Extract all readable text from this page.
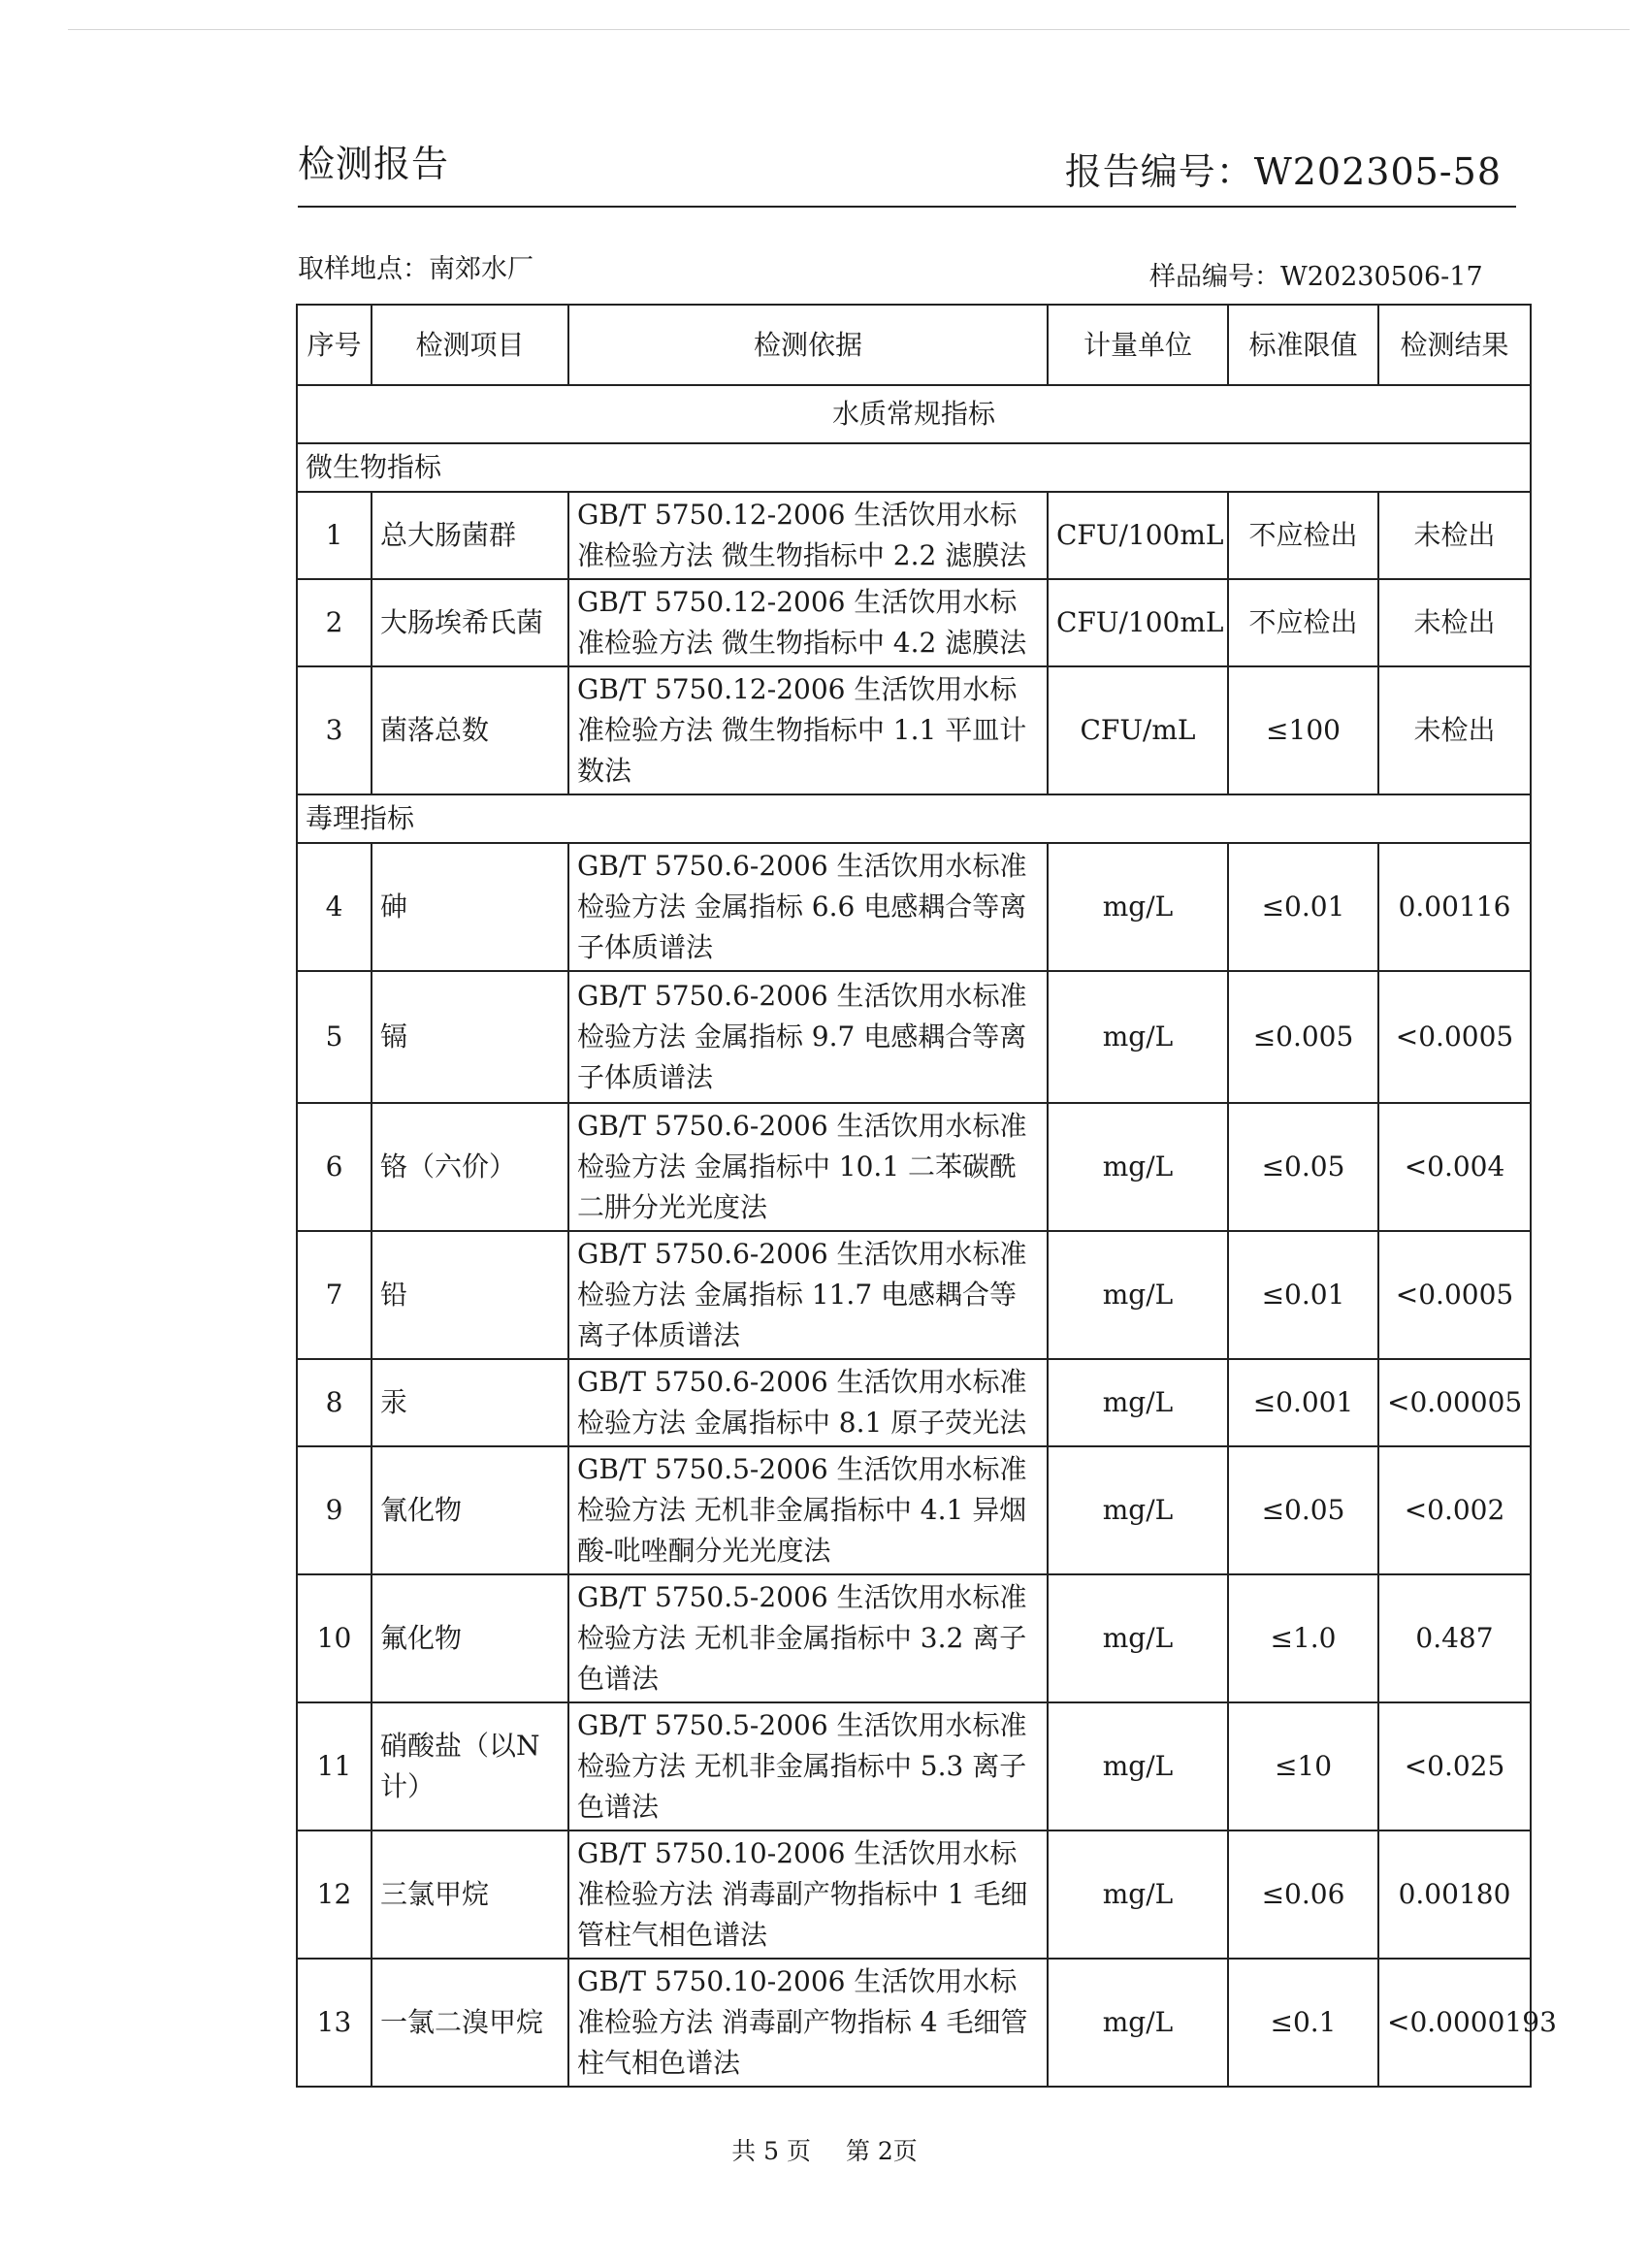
检测报告	报告编号：W202305-58
取样地点：南郊水厂	样品编号：W20230506-17
序号	检测项目	检测依据	计量单位	标准限值	检测结果
水质常规指标					
微生物指标					
1	总大肠菌群	GB/T 5750.12-2006 生活饮用水标准检验方法 微生物指标中 2.2 滤膜法	CFU/100mL	不应检出	未检出
2	大肠埃希氏菌	GB/T 5750.12-2006 生活饮用水标准检验方法 微生物指标中 4.2 滤膜法	CFU/100mL	不应检出	未检出
3	菌落总数	GB/T 5750.12-2006 生活饮用水标准检验方法 微生物指标中 1.1 平皿计数法	CFU/mL	≤100	未检出
毒理指标					
4	砷	GB/T 5750.6-2006 生活饮用水标准检验方法 金属指标 6.6 电感耦合等离子体质谱法	mg/L	≤0.01	0.00116
5	镉	GB/T 5750.6-2006 生活饮用水标准检验方法 金属指标 9.7 电感耦合等离子体质谱法	mg/L	≤0.005	<0.0005
6	铬（六价）	GB/T 5750.6-2006 生活饮用水标准检验方法 金属指标中 10.1 二苯碳酰二肼分光光度法	mg/L	≤0.05	<0.004
7	铅	GB/T 5750.6-2006 生活饮用水标准检验方法 金属指标 11.7 电感耦合等离子体质谱法	mg/L	≤0.01	<0.0005
8	汞	GB/T 5750.6-2006 生活饮用水标准检验方法 金属指标中 8.1 原子荧光法	mg/L	≤0.001	<0.00005
9	氰化物	GB/T 5750.5-2006 生活饮用水标准检验方法 无机非金属指标中 4.1 异烟酸-吡唑酮分光光度法	mg/L	≤0.05	<0.002
10	氟化物	GB/T 5750.5-2006 生活饮用水标准检验方法 无机非金属指标中 3.2 离子色谱法	mg/L	≤1.0	0.487
11	硝酸盐（以N计）	GB/T 5750.5-2006 生活饮用水标准检验方法 无机非金属指标中 5.3 离子色谱法	mg/L	≤10	<0.025
12	三氯甲烷	GB/T 5750.10-2006 生活饮用水标准检验方法 消毒副产物指标中 1 毛细管柱气相色谱法	mg/L	≤0.06	0.00180
13	一氯二溴甲烷	GB/T 5750.10-2006 生活饮用水标准检验方法 消毒副产物指标 4 毛细管柱气相色谱法	mg/L	≤0.1	<0.0000193
共 5 页 第 2页
